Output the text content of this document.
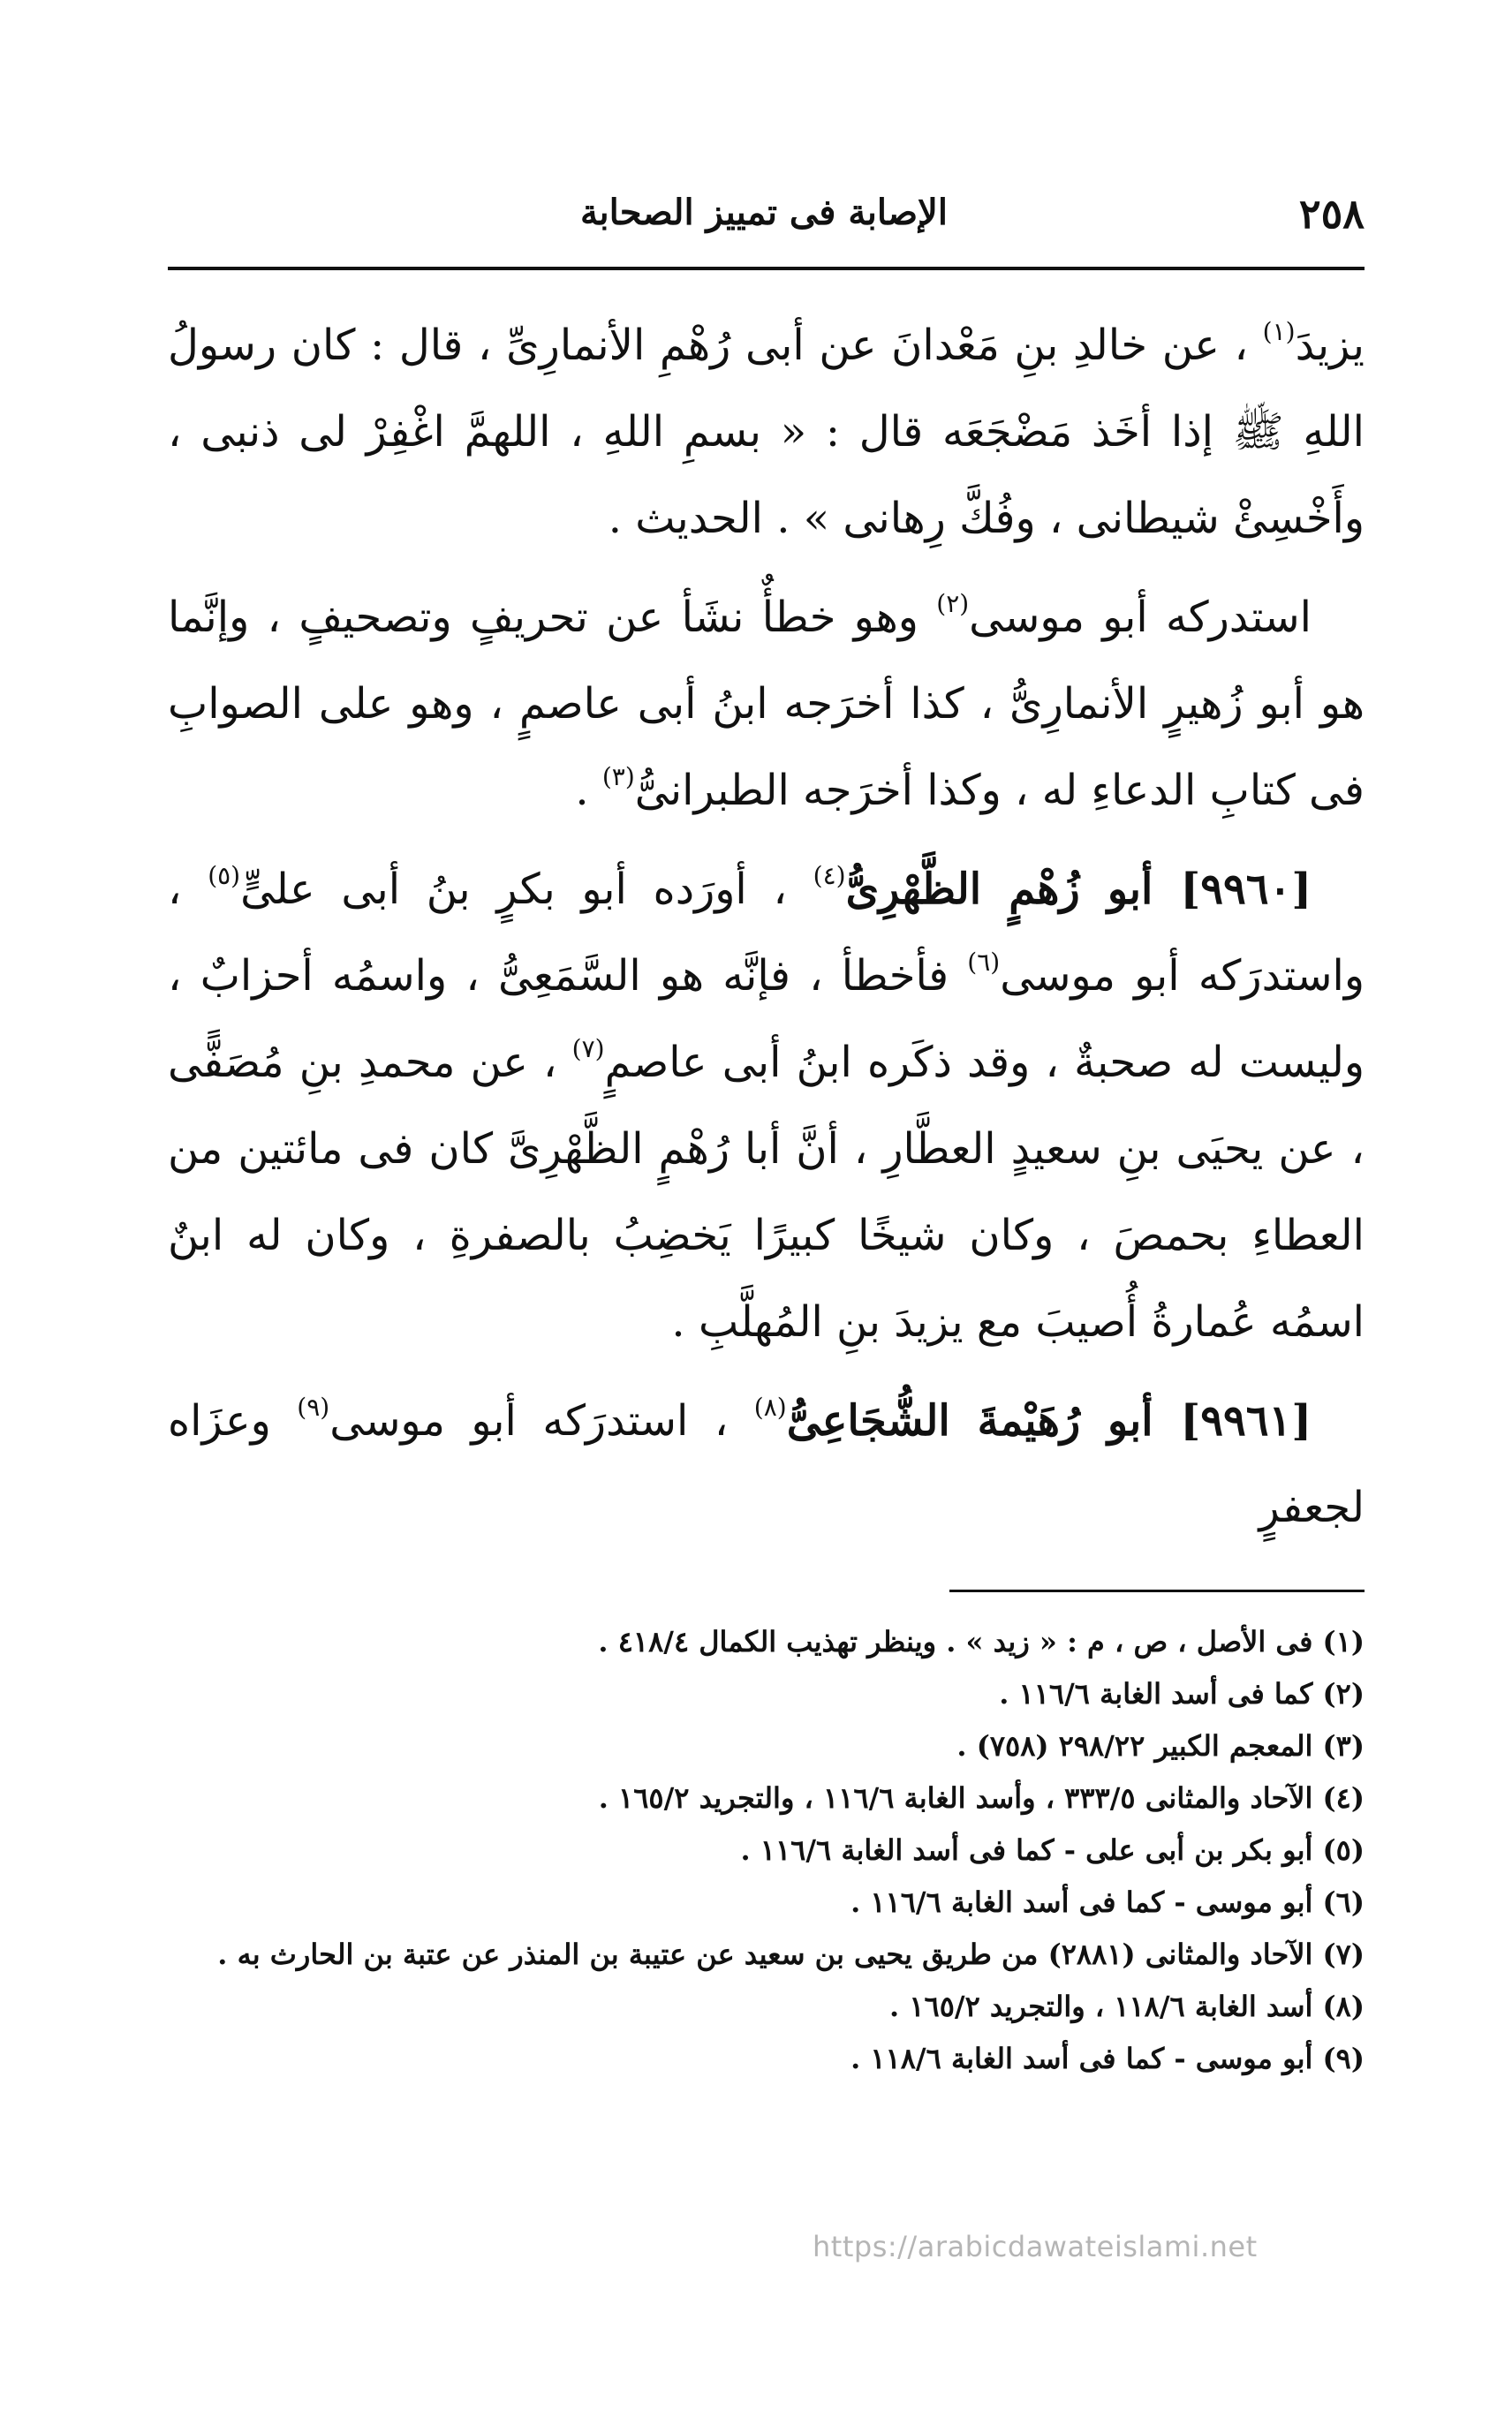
٢٥٨
الإصابة فى تمييز الصحابة

يزيدَ$^{(١)}$ ، عن خالدِ بنِ مَعْدانَ عن أبى رُهْمِ الأنمارِىِّ ، قال : كان رسولُ اللهِ ﷺ إذا أخَذ مَضْجَعَه قال : « بسمِ اللهِ ، اللهمَّ اغْفِرْ لى ذنبى ، وأَخْسِئْ شيطانى ، وفُكَّ رِهانى » . الحديث .

استدركه أبو موسى$^{(٢)}$ وهو خطأٌ نشَأ عن تحريفٍ وتصحيفٍ ، وإنَّما هو أبو زُهيرٍ الأنمارِىُّ ، كذا أخرَجه ابنُ أبى عاصمٍ ، وهو على الصوابِ فى كتابِ الدعاءِ له ، وكذا أخرَجه الطبرانىُّ$^{(٣)}$ .

[٩٩٦٠] أبو زُهْمٍ الظَّهْرِىُّ$^{(٤)}$ ، أورَده أبو بكرٍ بنُ أبى علىٍّ$^{(٥)}$ ، واستدرَكه أبو موسى$^{(٦)}$ فأخطأ ، فإنَّه هو السَّمَعِىُّ ، واسمُه أحزابٌ ، وليست له صحبةٌ ، وقد ذكَره ابنُ أبى عاصمٍ$^{(٧)}$ ، عن محمدِ بنِ مُصَفًّى ، عن يحيَى بنِ سعيدٍ العطَّارِ ، أنَّ أبا رُهْمٍ الظَّهْرِىَّ كان فى مائتين من العطاءِ بحمصَ ، وكان شيخًا كبيرًا يَخضِبُ بالصفرةِ ، وكان له ابنٌ اسمُه عُمارةُ أُصيبَ مع يزيدَ بنِ المُهلَّبِ .

[٩٩٦١] أبو رُهَيْمةَ الشُّجَاعِىُّ$^{(٨)}$ ، استدرَكه أبو موسى$^{(٩)}$ وعزَاه لجعفرٍ

(١) فى الأصل ، ص ، م : « زيد » . وينظر تهذيب الكمال ٤١٨/٤ .
(٢) كما فى أسد الغابة ١١٦/٦ .
(٣) المعجم الكبير ٢٩٨/٢٢ (٧٥٨) .
(٤) الآحاد والمثانى ٣٣٣/٥ ، وأسد الغابة ١١٦/٦ ، والتجريد ١٦٥/٢ .
(٥) أبو بكر بن أبى على - كما فى أسد الغابة ١١٦/٦ .
(٦) أبو موسى - كما فى أسد الغابة ١١٦/٦ .
(٧) الآحاد والمثانى (٢٨٨١) من طريق يحيى بن سعيد عن عتيبة بن المنذر عن عتبة بن الحارث به .
(٨) أسد الغابة ١١٨/٦ ، والتجريد ١٦٥/٢ .
(٩) أبو موسى - كما فى أسد الغابة ١١٨/٦ .
https://arabicdawateislami.net
